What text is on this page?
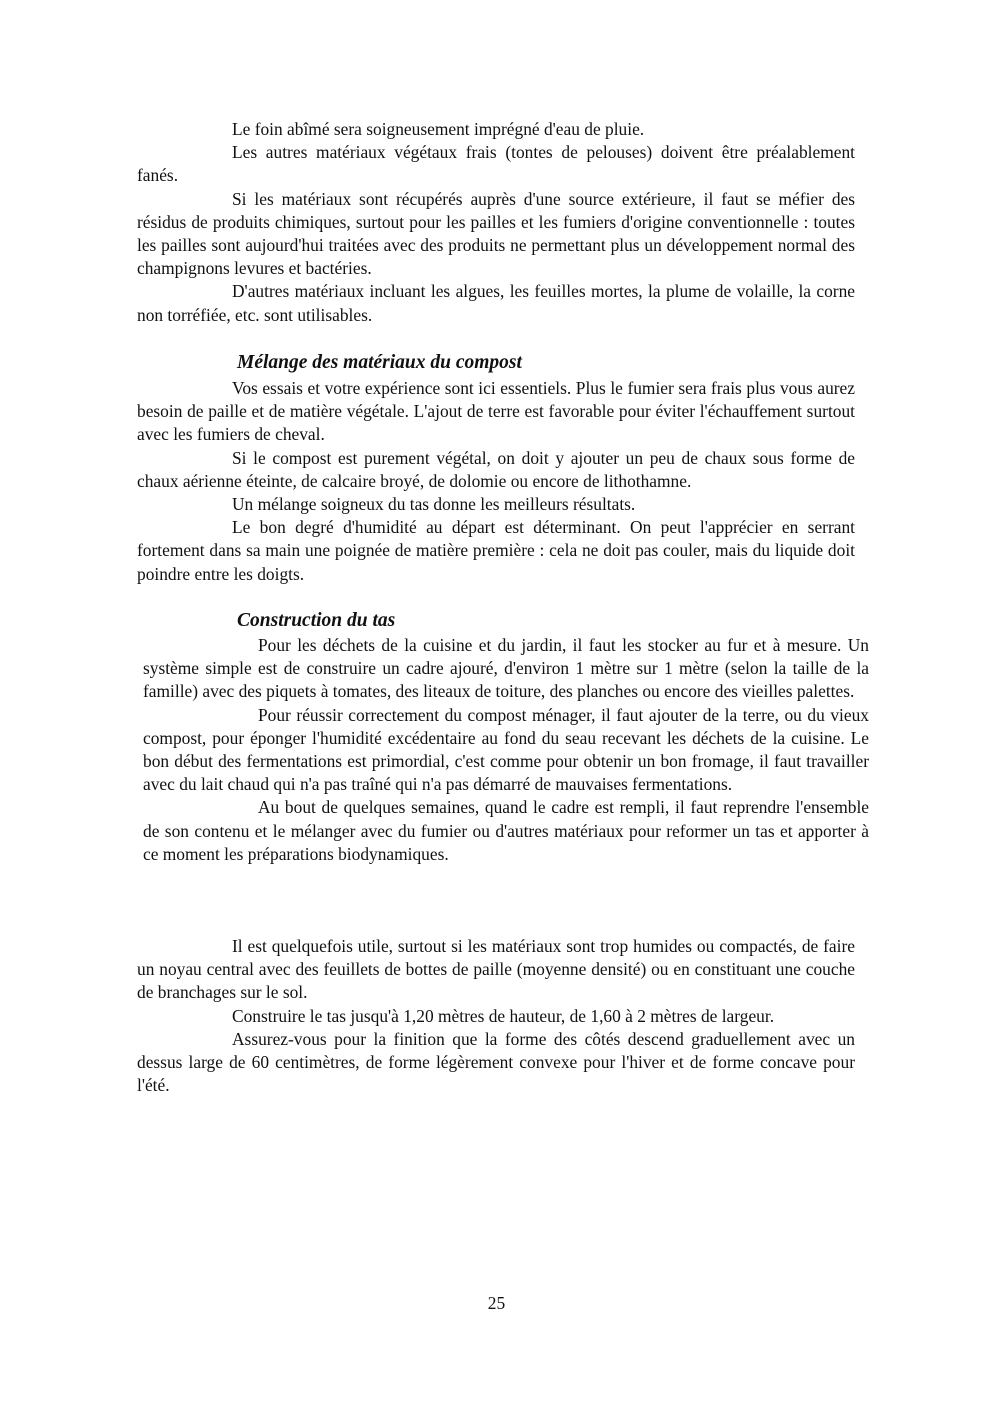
Le foin abîmé sera soigneusement imprégné d'eau de pluie.

Les autres matériaux végétaux frais (tontes de pelouses) doivent être préalablement fanés.

Si les matériaux sont récupérés auprès d'une source extérieure, il faut se méfier des résidus de produits chimiques, surtout pour les pailles et les fumiers d'origine conventionnelle : toutes les pailles sont aujourd'hui traitées avec des produits ne permettant plus un développement normal des champignons levures et bactéries.

D'autres matériaux incluant les algues, les feuilles mortes, la plume de volaille, la corne non torréfiée, etc. sont utilisables.

Mélange des matériaux du compost

Vos essais et votre expérience sont ici essentiels. Plus le fumier sera frais plus vous aurez besoin de paille et de matière végétale. L'ajout de terre est favorable pour éviter l'échauffement surtout avec les fumiers de cheval.

Si le compost est purement végétal, on doit y ajouter un peu de chaux sous forme de chaux aérienne éteinte, de calcaire broyé, de dolomie ou encore de lithothamne.

Un mélange soigneux du tas donne les meilleurs résultats.

Le bon degré d'humidité au départ est déterminant. On peut l'apprécier en serrant fortement dans sa main une poignée de matière première : cela ne doit pas couler, mais du liquide doit poindre entre les doigts.

Construction du tas

Pour les déchets de la cuisine et du jardin, il faut les stocker au fur et à mesure. Un système simple est de construire un cadre ajouré, d'environ 1 mètre sur 1 mètre (selon la taille de la famille) avec des piquets à tomates, des liteaux de toiture, des planches ou encore des vieilles palettes.

Pour réussir correctement du compost ménager, il faut ajouter de la terre, ou du vieux compost, pour éponger l'humidité excédentaire au fond du seau recevant les déchets de la cuisine. Le bon début des fermentations est primordial, c'est comme pour obtenir un bon fromage, il faut travailler avec du lait chaud qui n'a pas traîné qui n'a pas démarré de mauvaises fermentations.

Au bout de quelques semaines, quand le cadre est rempli, il faut reprendre l'ensemble de son contenu et le mélanger avec du fumier ou d'autres matériaux pour reformer un tas et apporter à ce moment les préparations biodynamiques.

Il est quelquefois utile, surtout si les matériaux sont trop humides ou compactés, de faire un noyau central avec des feuillets de bottes de paille (moyenne densité) ou en constituant une couche de branchages sur le sol.

Construire le tas jusqu'à 1,20 mètres de hauteur, de 1,60 à 2 mètres de largeur.

Assurez-vous pour la finition que la forme des côtés descend graduellement avec un dessus large de 60 centimètres, de forme légèrement convexe pour l'hiver et de forme concave pour l'été.

25
